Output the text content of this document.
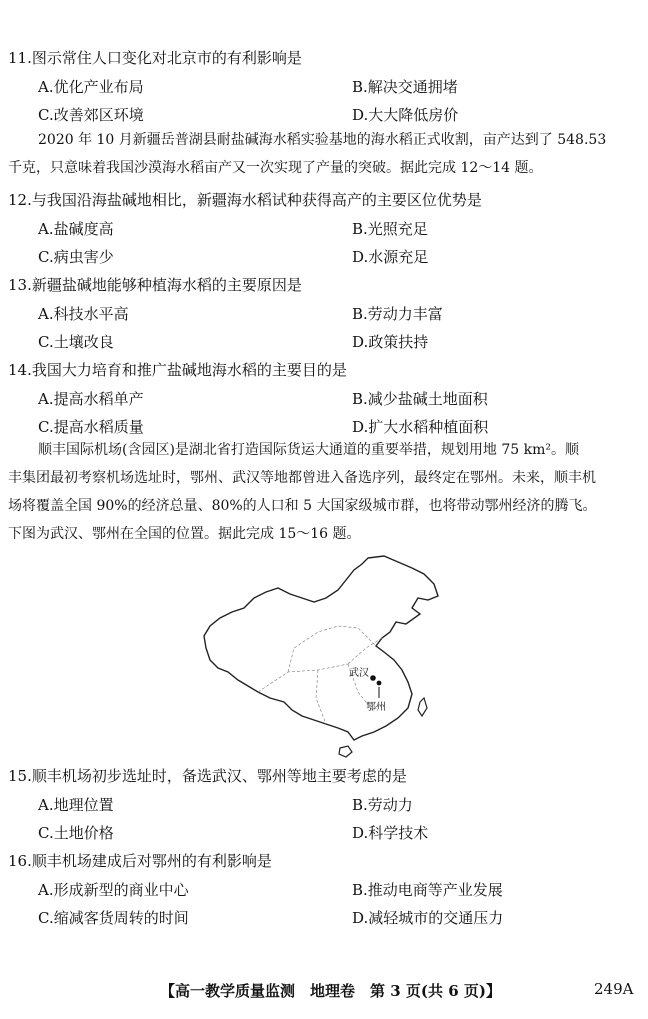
11.图示常住人口变化对北京市的有利影响是
A.优化产业布局	B.解决交通拥堵
C.改善郊区环境	D.大大降低房价
2020 年 10 月新疆岳普湖县耐盐碱海水稻实验基地的海水稻正式收割，亩产达到了 548.53
千克，只意味着我国沙漠海水稻亩产又一次实现了产量的突破。据此完成 12～14 题。
12.与我国沿海盐碱地相比，新疆海水稻试种获得高产的主要区位优势是
A.盐碱度高	B.光照充足
C.病虫害少	D.水源充足
13.新疆盐碱地能够种植海水稻的主要原因是
A.科技水平高	B.劳动力丰富
C.土壤改良	D.政策扶持
14.我国大力培育和推广盐碱地海水稻的主要目的是
A.提高水稻单产	B.减少盐碱土地面积
C.提高水稻质量	D.扩大水稻种植面积
顺丰国际机场(含园区)是湖北省打造国际货运大通道的重要举措，规划用地 75 km²。顺
丰集团最初考察机场选址时，鄂州、武汉等地都曾进入备选序列，最终定在鄂州。未来，顺丰机
场将覆盖全国 90%的经济总量、80%的人口和 5 大国家级城市群，也将带动鄂州经济的腾飞。
下图为武汉、鄂州在全国的位置。据此完成 15～16 题。
武汉
鄂州
15.顺丰机场初步选址时，备选武汉、鄂州等地主要考虑的是
A.地理位置	B.劳动力
C.土地价格	D.科学技术
16.顺丰机场建成后对鄂州的有利影响是
A.形成新型的商业中心	B.推动电商等产业发展
C.缩减客货周转的时间	D.减轻城市的交通压力
【高一教学质量监测　地理卷　第 3 页(共 6 页)】	249A
